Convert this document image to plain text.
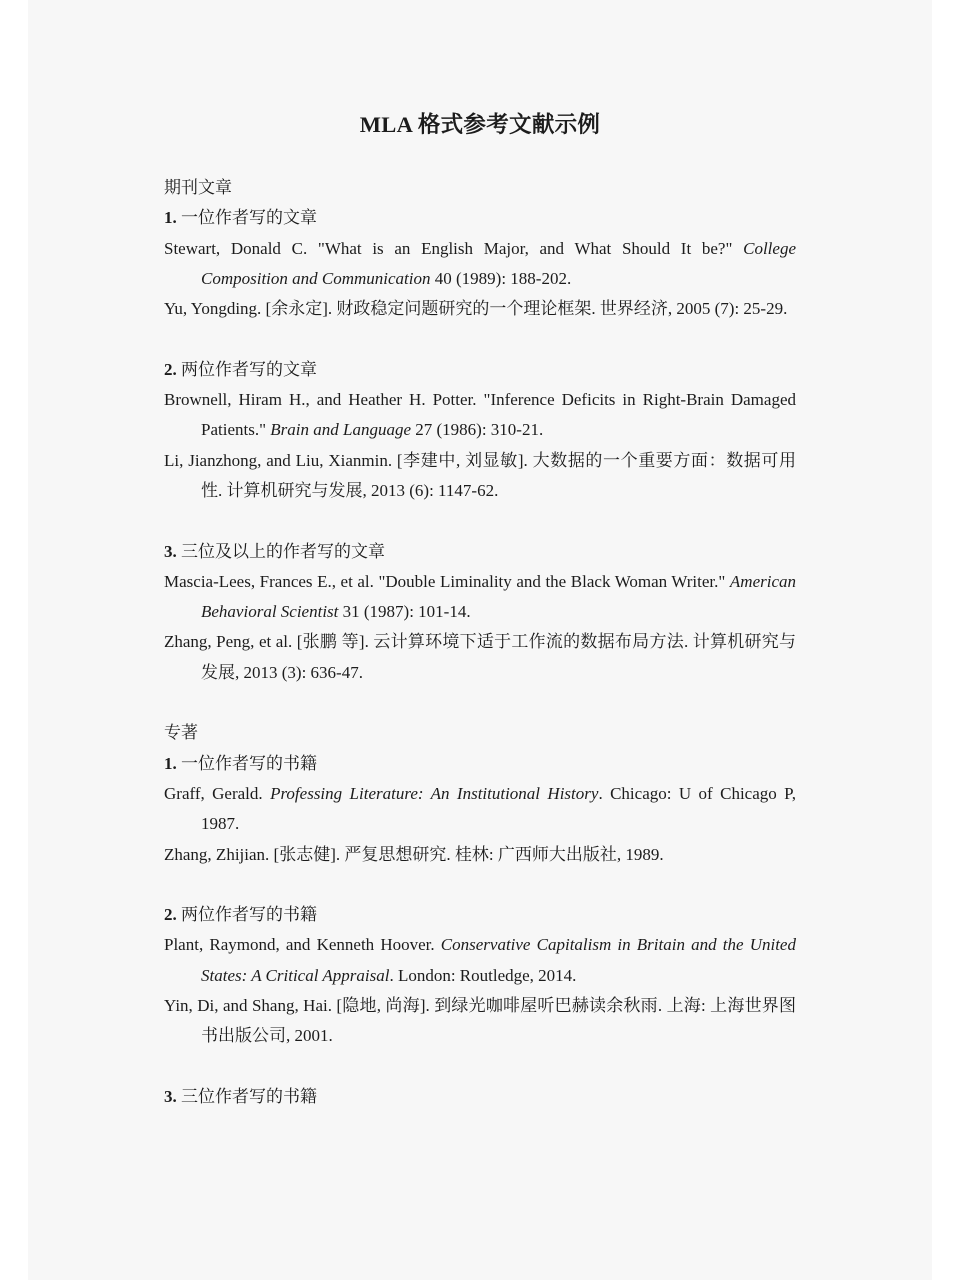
MLA 格式参考文献示例
期刊文章
1. 一位作者写的文章

Stewart, Donald C. "What is an English Major, and What Should It be?" College Composition and Communication 40 (1989): 188-202.

Yu, Yongding. [余永定]. 财政稳定问题研究的一个理论框架. 世界经济, 2005 (7): 25-29.

2. 两位作者写的文章

Brownell, Hiram H., and Heather H. Potter. "Inference Deficits in Right-Brain Damaged Patients." Brain and Language 27 (1986): 310-21.

Li, Jianzhong, and Liu, Xianmin. [李建中, 刘显敏]. 大数据的一个重要方面：数据可用性. 计算机研究与发展, 2013 (6): 1147-62.

3. 三位及以上的作者写的文章

Mascia-Lees, Frances E., et al. "Double Liminality and the Black Woman Writer." American Behavioral Scientist 31 (1987): 101-14.

Zhang, Peng, et al. [张鹏 等]. 云计算环境下适于工作流的数据布局方法. 计算机研究与发展, 2013 (3): 636-47.

专著
1. 一位作者写的书籍

Graff, Gerald. Professing Literature: An Institutional History. Chicago: U of Chicago P, 1987.

Zhang, Zhijian. [张志健]. 严复思想研究. 桂林: 广西师大出版社, 1989.

2. 两位作者写的书籍

Plant, Raymond, and Kenneth Hoover. Conservative Capitalism in Britain and the United States: A Critical Appraisal. London: Routledge, 2014.

Yin, Di, and Shang, Hai. [隐地, 尚海]. 到绿光咖啡屋听巴赫读余秋雨. 上海: 上海世界图书出版公司, 2001.

3. 三位作者写的书籍
